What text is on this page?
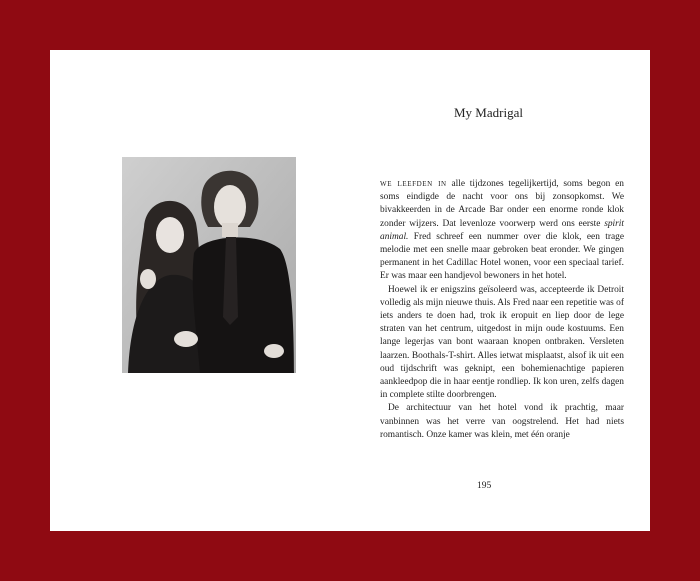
My Madrigal

we leefden in alle tijdzones tegelijkertijd, soms begon en soms eindigde de nacht voor ons bij zonsopkomst. We bivakkeerden in de Arcade Bar onder een enorme ronde klok zonder wijzers. Dat levenloze voorwerp werd ons eerste spirit animal. Fred schreef een nummer over die klok, een trage melodie met een snelle maar gebroken beat eronder. We gingen permanent in het Cadillac Hotel wonen, voor een speciaal tarief. Er was maar een handjevol bewoners in het hotel.

Hoewel ik er enigszins geïsoleerd was, accepteerde ik Detroit volledig als mijn nieuwe thuis. Als Fred naar een repetitie was of iets anders te doen had, trok ik eropuit en liep door de lege straten van het centrum, uitgedost in mijn oude kostuums. Een lange legerjas van bont waaraan knopen ontbraken. Versleten laarzen. Boothals-T-shirt. Alles ietwat misplaatst, alsof ik uit een oud tijdschrift was geknipt, een bohemienachtige papieren aankleedpop die in haar eentje rondliep. Ik kon uren, zelfs dagen in complete stilte doorbrengen.

De architectuur van het hotel vond ik prachtig, maar vanbinnen was het verre van oogstrelend. Het had niets romantisch. Onze kamer was klein, met één oranje

195
